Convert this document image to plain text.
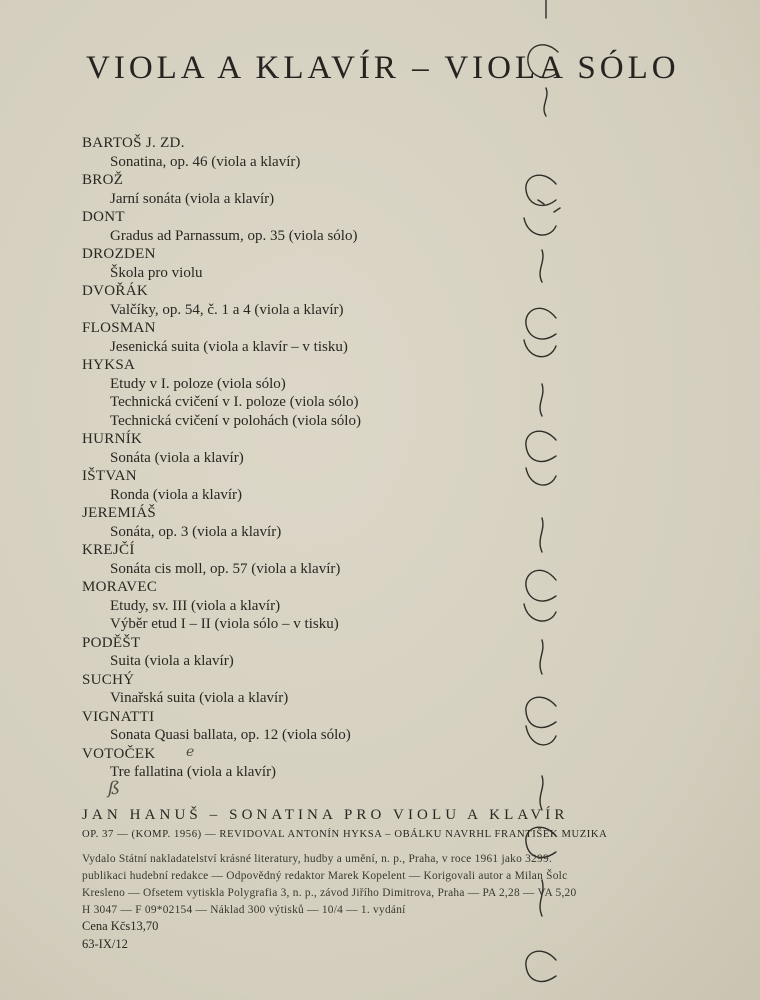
VIOLA A KLAVÍR – VIOLA SÓLO
BARTOŠ J. ZD.
Sonatina, op. 46 (viola a klavír)
BROŽ
Jarní sonáta (viola a klavír)
DONT
Gradus ad Parnassum, op. 35 (viola sólo)
DROZDEN
Škola pro violu
DVOŘÁK
Valčíky, op. 54, č. 1 a 4 (viola a klavír)
FLOSMAN
Jesenická suita (viola a klavír – v tisku)
HYKSA
Etudy v I. poloze (viola sólo)
Technická cvičení v I. poloze (viola sólo)
Technická cvičení v polohách (viola sólo)
HURNÍK
Sonáta (viola a klavír)
IŠTVAN
Ronda (viola a klavír)
JEREMIÁŠ
Sonáta, op. 3 (viola a klavír)
KREJČÍ
Sonáta cis moll, op. 57 (viola a klavír)
MORAVEC
Etudy, sv. III (viola a klavír)
Výběr etud I – II (viola sólo – v tisku)
PODĚŠT
Suita (viola a klavír)
SUCHÝ
Vinařská suita (viola a klavír)
VIGNATTI
Sonata Quasi ballata, op. 12 (viola sólo)
VOTOČEK
Tre fallatina (viola a klavír)
e
ß
JAN HANUŠ – SONATINA PRO VIOLU A KLAVÍR
OP. 37 — (KOMP. 1956) — REVIDOVAL ANTONÍN HYKSA – OBÁLKU NAVRHL FRANTIŠEK MUZIKA
Vydalo Státní nakladatelství krásné literatury, hudby a umění, n. p., Praha, v roce 1961 jako 3299.
publikaci hudební redakce — Odpovědný redaktor Marek Kopelent — Korigovali autor a Milan Šolc
Kresleno — Ofsetem vytiskla Polygrafia 3, n. p., závod Jiřího Dimitrova, Praha — PA 2,28 — VA 5,20
H 3047 — F 09*02154 — Náklad 300 výtisků — 10/4 — 1. vydání
Cena Kčs13,70
63-IX/12
